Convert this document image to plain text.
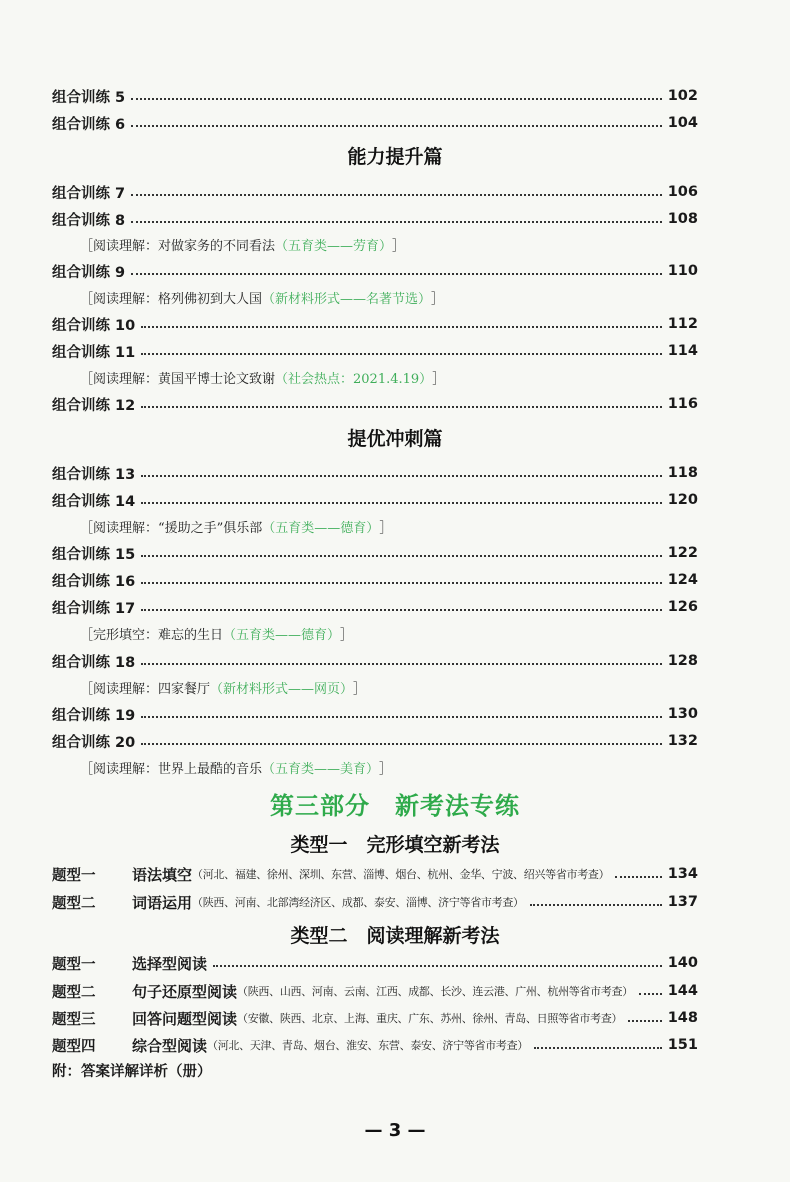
组合训练 5	102
组合训练 6	104
能力提升篇
组合训练 7	106
组合训练 8	108
［阅读理解：对做家务的不同看法 （五育类——劳育） ］
组合训练 9	110
［阅读理解：格列佛初到大人国 （新材料形式——名著节选） ］
组合训练 10	112
组合训练 11	114
［阅读理解：黄国平博士论文致谢 （社会热点：2021.4.19） ］
组合训练 12	116
提优冲刺篇
组合训练 13	118
组合训练 14	120
［阅读理解：“援助之手”俱乐部 （五育类——德育） ］
组合训练 15	122
组合训练 16	124
组合训练 17	126
［完形填空：难忘的生日 （五育类——德育） ］
组合训练 18	128
［阅读理解：四家餐厅 （新材料形式——网页） ］
组合训练 19	130
组合训练 20	132
［阅读理解：世界上最酷的音乐 （五育类——美育） ］
第三部分　新考法专练
类型一　完形填空新考法
题型一	语法填空 （河北、福建、徐州、深圳、东营、淄博、烟台、杭州、金华、宁波、绍兴等省市考查）	134
题型二	词语运用 （陕西、河南、北部湾经济区、成都、泰安、淄博、济宁等省市考查）	137
类型二　阅读理解新考法
题型一	选择型阅读	140
题型二	句子还原型阅读 （陕西、山西、河南、云南、江西、成都、长沙、连云港、广州、杭州等省市考查） 144
题型三	回答问题型阅读 （安徽、陕西、北京、上海、重庆、广东、苏州、徐州、青岛、日照等省市考查）	148
题型四	综合型阅读 （河北、天津、青岛、烟台、淮安、东营、泰安、济宁等省市考查）	151
附：答案详解详析（册）
— 3 —
